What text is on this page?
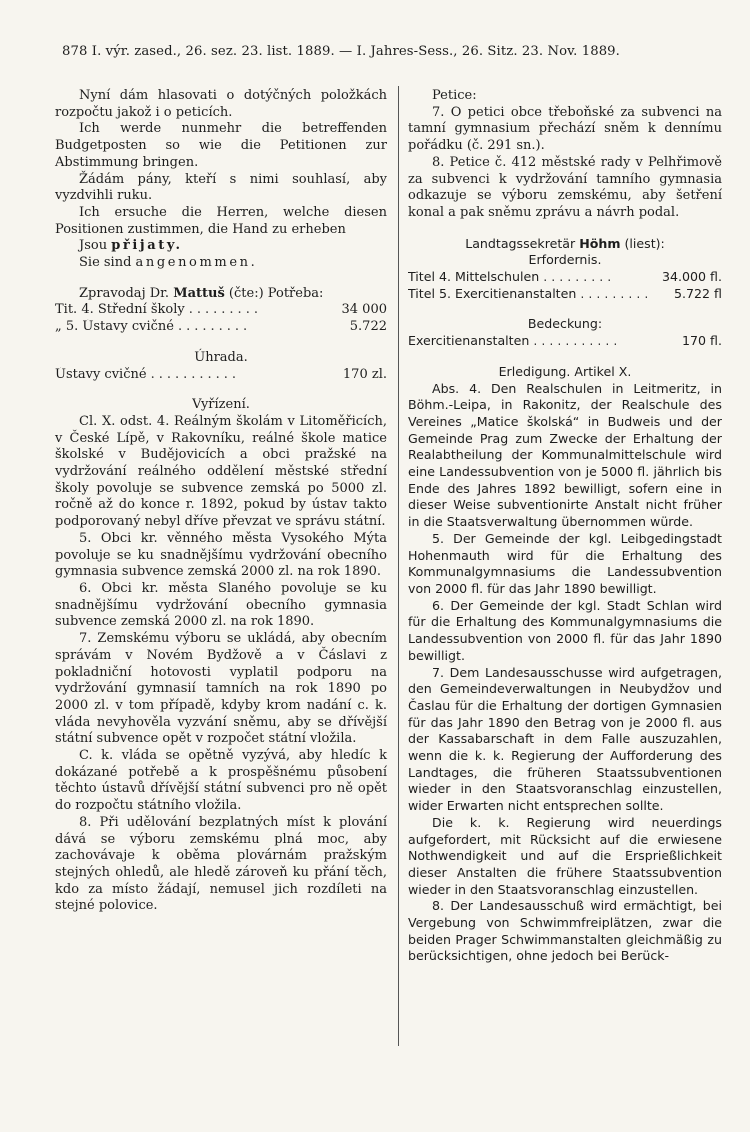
878 I. výr. zased., 26. sez. 23. list. 1889. — I. Jahres-Sess., 26. Sitz. 23. Nov. 1889.

Nyní dám hlasovati o dotýčných položkách rozpočtu jakož i o peticích.

Ich werde nunmehr die betreffenden Budgetposten so wie die Petitionen zur Abstimmung bringen.

Žádám pány, kteří s nimi souhlasí, aby vyzdvihli ruku.

Ich ersuche die Herren, welche diesen Positionen zustimmen, die Hand zu erheben

Jsou přijaty.

Sie sind angenommen.

Zpravodaj Dr. Mattuš (čte:) Potřeba:

Tit. 4. Střední školy .........	34 000
„ 5. Ústavy cvičné .........	5.722

Úhrada.

Ústavy cvičné ...........	170 zl.

Vyřízení.

Cl. X. odst. 4. Reálným školám v Litoměřicích, v České Lípě, v Rakovníku, reálné škole matice školské v Budějovicích a obci pražské na vydržování reálného oddělení městské střední školy povoluje se subvence zemská po 5000 zl. ročně až do konce r. 1892, pokud by ústav takto podporovaný nebyl dříve převzat ve správu státní.

5. Obci kr. věnného města Vysokého Mýta povoluje se ku snadnějšímu vydržování obecního gymnasia subvence zemská 2000 zl. na rok 1890.

6. Obci kr. města Slaného povoluje se ku snadnějšímu vydržování obecního gymnasia subvence zemská 2000 zl. na rok 1890.

7. Zemskému výboru se ukládá, aby obecním správám v Novém Bydžově a v Čáslavi z pokladniční hotovosti vyplatil podporu na vydržování gymnasií tamních na rok 1890 po 2000 zl. v tom případě, kdyby krom nadání c. k. vláda nevyhověla vyzvání sněmu, aby se dřívější státní subvence opět v rozpočet státní vložila.

C. k. vláda se opětně vyzývá, aby hledíc k dokázané potřebě a k prospěšnému působení těchto ústavů dřívější státní subvenci pro ně opět do rozpočtu státního vložila.

8. Při udělování bezplatných míst k plování dává se výboru zemskému plná moc, aby zachovávaje k oběma plovárnám pražským stejných ohledů, ale hledě zároveň ku přání těch, kdo za místo žádají, nemusel jich rozdíleti na stejné polovice.

Petice:

7. O petici obce třeboňské za subvenci na tamní gymnasium přechází sněm k dennímu pořádku (č. 291 sn.).

8. Petice č. 412 městské rady v Pelhřimově za subvenci k vydržování tamního gymnasia odkazuje se výboru zemskému, aby šetření konal a pak sněmu zprávu a návrh podal.

Landtagssekretär Höhm (liest):

Erfordernis.

Titel 4. Mittelschulen .........	34.000 fl.
Titel 5. Exercitienanstalten .........	5.722 fl

Bedeckung:

Exercitienanstalten ...........	170 fl.

Erledigung. Artikel X.

Abs. 4. Den Realschulen in Leitmeritz, in Böhm.-Leipa, in Rakonitz, der Realschule des Vereines „Matice školská“ in Budweis und der Gemeinde Prag zum Zwecke der Erhaltung der Realabtheilung der Kommunalmittelschule wird eine Landessubvention von je 5000 fl. jährlich bis Ende des Jahres 1892 bewilligt, sofern eine in dieser Weise subventionirte Anstalt nicht früher in die Staatsverwaltung übernommen würde.

5. Der Gemeinde der kgl. Leibgedingstadt Hohenmauth wird für die Erhaltung des Kommunalgymnasiums die Landessubvention von 2000 fl. für das Jahr 1890 bewilligt.

6. Der Gemeinde der kgl. Stadt Schlan wird für die Erhaltung des Kommunalgymnasiums die Landessubvention von 2000 fl. für das Jahr 1890 bewilligt.

7. Dem Landesausschusse wird aufgetragen, den Gemeindeverwaltungen in Neubydžov und Časlau für die Erhaltung der dortigen Gymnasien für das Jahr 1890 den Betrag von je 2000 fl. aus der Kassabarschaft in dem Falle auszuzahlen, wenn die k. k. Regierung der Aufforderung des Landtages, die früheren Staatssubventionen wieder in den Staatsvoranschlag einzustellen, wider Erwarten nicht entsprechen sollte.

Die k. k. Regierung wird neuerdings aufgefordert, mit Rücksicht auf die erwiesene Nothwendigkeit und auf die Ersprießlichkeit dieser Anstalten die frühere Staatssubvention wieder in den Staatsvoranschlag einzustellen.

8. Der Landesausschuß wird ermächtigt, bei Vergebung von Schwimmfreiplätzen, zwar die beiden Prager Schwimmanstalten gleichmäßig zu berücksichtigen, ohne jedoch bei Berück-
